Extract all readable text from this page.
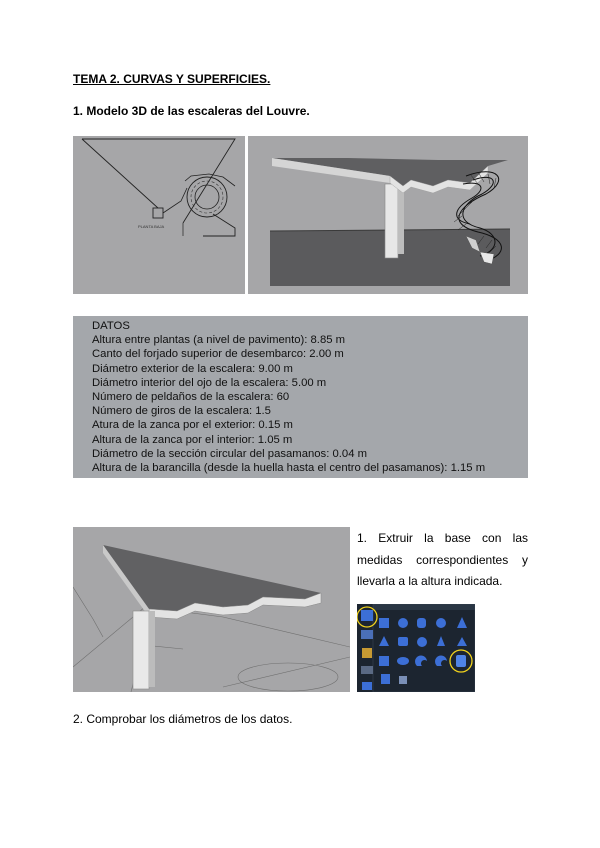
TEMA 2. CURVAS Y SUPERFICIES.
1. Modelo 3D de las escaleras del Louvre.
PLANTA BAJA
DATOS
Altura entre plantas (a nivel de pavimento): 8.85 m
Canto del forjado superior de desembarco: 2.00 m
Diámetro exterior de la escalera: 9.00 m
Diámetro interior del ojo de la escalera: 5.00 m
Número de peldaños de la escalera: 60
Número de giros de la escalera: 1.5
Atura de la zanca por el exterior: 0.15 m
Altura de la zanca por el interior: 1.05 m
Diámetro de la sección circular del pasamanos: 0.04 m
Altura de la barancilla (desde la huella hasta el centro del pasamanos): 1.15 m
1. Extruir la base con las medidas correspondientes y llevarla a la altura indicada.
2. Comprobar los diámetros de los datos.
